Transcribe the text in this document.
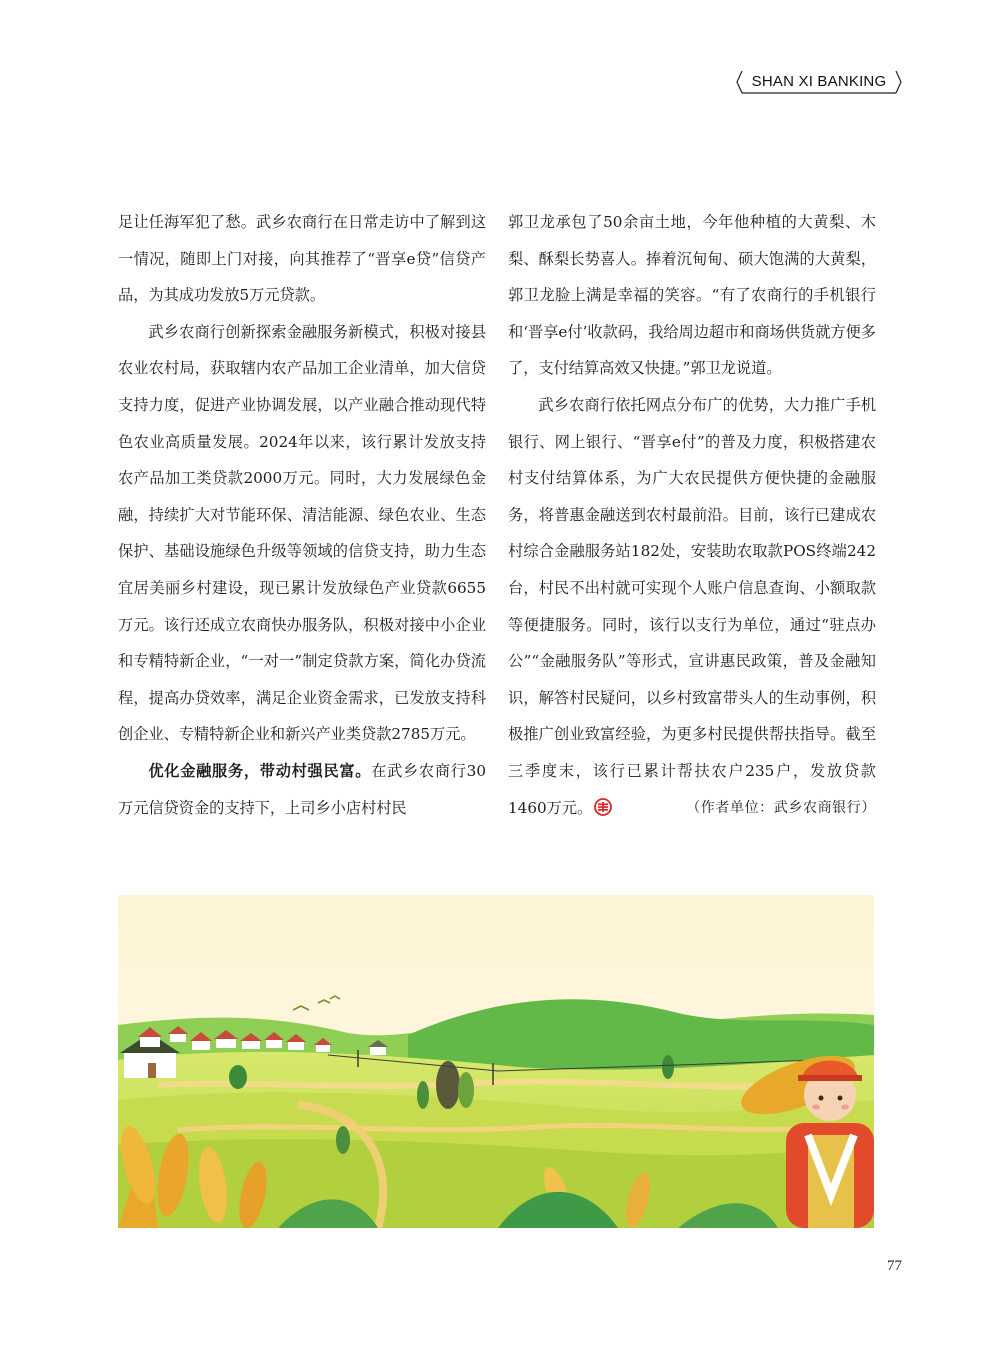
SHAN XI BANKING

足让任海军犯了愁。武乡农商行在日常走访中了解到这一情况，随即上门对接，向其推荐了“晋享e贷”信贷产品，为其成功发放5万元贷款。

武乡农商行创新探索金融服务新模式，积极对接县农业农村局，获取辖内农产品加工企业清单，加大信贷支持力度，促进产业协调发展，以产业融合推动现代特色农业高质量发展。2024年以来，该行累计发放支持农产品加工类贷款2000万元。同时，大力发展绿色金融，持续扩大对节能环保、清洁能源、绿色农业、生态保护、基础设施绿色升级等领域的信贷支持，助力生态宜居美丽乡村建设，现已累计发放绿色产业贷款6655万元。该行还成立农商快办服务队，积极对接中小企业和专精特新企业，“一对一”制定贷款方案，简化办贷流程，提高办贷效率，满足企业资金需求，已发放支持科创企业、专精特新企业和新兴产业类贷款2785万元。

优化金融服务，带动村强民富。在武乡农商行30万元信贷资金的支持下，上司乡小店村村民

郭卫龙承包了50余亩土地，今年他种植的大黄梨、木梨、酥梨长势喜人。捧着沉甸甸、硕大饱满的大黄梨，郭卫龙脸上满是幸福的笑容。“有了农商行的手机银行和‘晋享e付’收款码，我给周边超市和商场供货就方便多了，支付结算高效又快捷。”郭卫龙说道。

武乡农商行依托网点分布广的优势，大力推广手机银行、网上银行、“晋享e付”的普及力度，积极搭建农村支付结算体系，为广大农民提供方便快捷的金融服务，将普惠金融送到农村最前沿。目前，该行已建成农村综合金融服务站182处，安装助农取款POS终端242台，村民不出村就可实现个人账户信息查询、小额取款等便捷服务。同时，该行以支行为单位，通过“驻点办公”“金融服务队”等形式，宣讲惠民政策，普及金融知识，解答村民疑问，以乡村致富带头人的生动事例，积极推广创业致富经验，为更多村民提供帮扶指导。截至三季度末，该行已累计帮扶农户235户，发放贷款1460万元。	（作者单位：武乡农商银行）

77
